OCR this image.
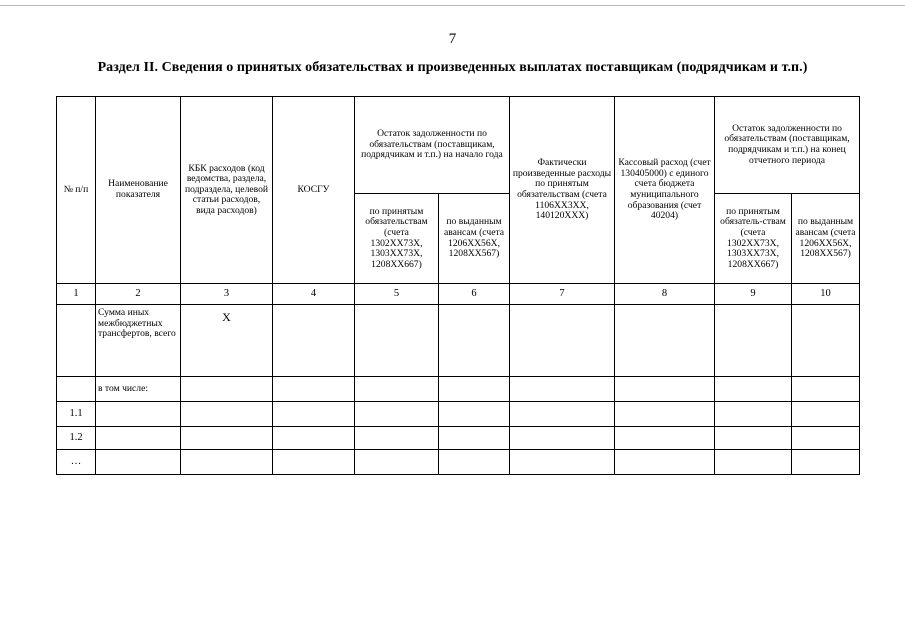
7
Раздел II. Сведения о принятых обязательствах и произведенных выплатах поставщикам (подрядчикам и т.п.)
№ п/п	Наименование показателя	КБК расходов (код ведомства, раздела, подраздела, целевой статьи расходов, вида расходов)	КОСГУ	Остаток задолженности по обязательствам (поставщикам, подрядчикам и т.п.) на начало года		Фактически произведенные расходы по принятым обязательствам (счета 1106ХХ3ХХ, 140120ХХХ)	Кассовый расход (счет 130405000) с единого счета бюджета муниципального образования (счет 40204)	Остаток задолженности по обязательствам (поставщикам, подрядчикам и т.п.) на конец отчетного периода	
				по принятым обязательствам (счета 1302ХХ73Х, 1303ХХ73Х, 1208ХХ667)	по выданным авансам (счета 1206ХХ56Х, 1208ХХ567)			по принятым обязатель-ствам (счета 1302ХХ73Х, 1303ХХ73Х, 1208ХХ667)	по выданным авансам (счета 1206ХХ56Х, 1208ХХ567)
1	2	3	4	5	6	7	8	9	10
	Сумма иных межбюджетных трансфертов, всего	Х							
	в том числе:								
1.1									
1.2									
…									
